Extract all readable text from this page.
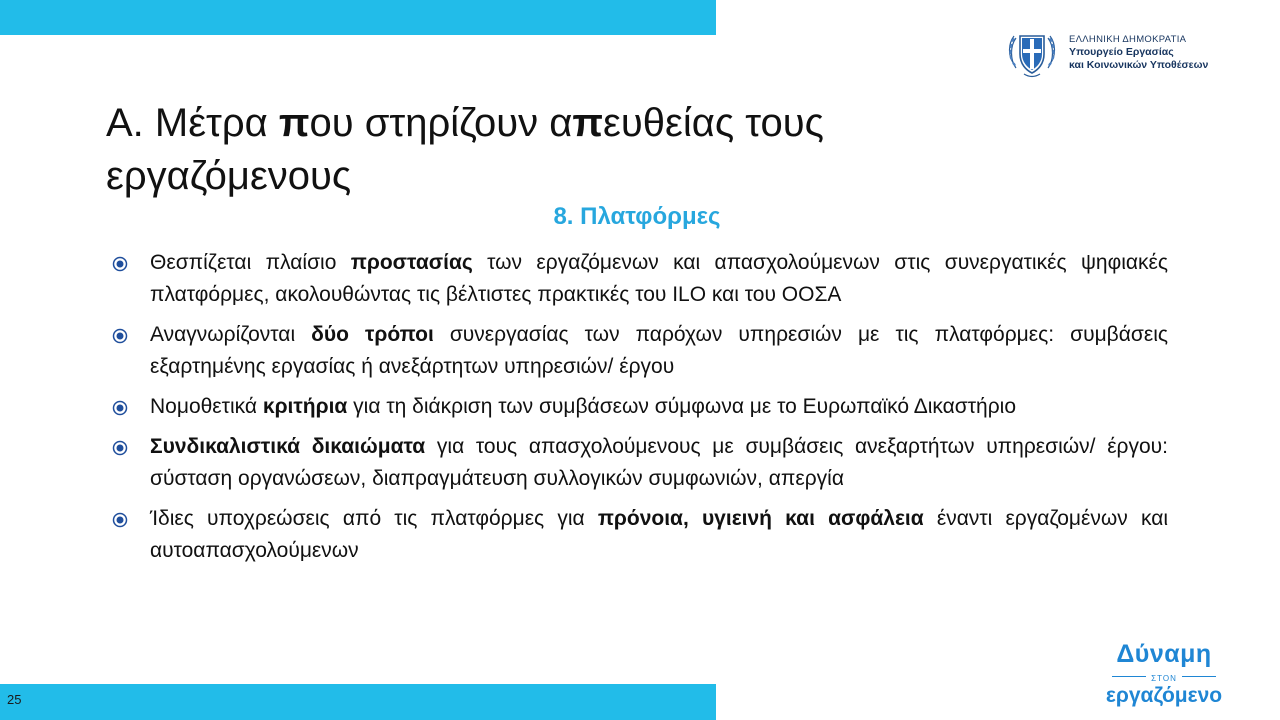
25
ΕΛΛΗΝΙΚΗ ΔΗΜΟΚΡΑΤΙΑ
Υπουργείο Εργασίας
και Κοινωνικών Υποθέσεων
Α. Μέτρα που στηρίζουν απευθείας τους εργαζόμενους
8. Πλατφόρμες
Θεσπίζεται πλαίσιο προστασίας των εργαζόμενων και απασχολούμενων στις συνεργατικές ψηφιακές πλατφόρμες, ακολουθώντας τις βέλτιστες πρακτικές του ILO και του ΟΟΣΑ
Αναγνωρίζονται δύο τρόποι συνεργασίας των παρόχων υπηρεσιών με τις πλατφόρμες: συμβάσεις εξαρτημένης εργασίας ή ανεξάρτητων υπηρεσιών/ έργου
Νομοθετικά κριτήρια για τη διάκριση των συμβάσεων σύμφωνα με το Ευρωπαϊκό Δικαστήριο
Συνδικαλιστικά δικαιώματα για τους απασχολούμενους με συμβάσεις ανεξαρτήτων υπηρεσιών/ έργου: σύσταση οργανώσεων, διαπραγμάτευση συλλογικών συμφωνιών, απεργία
Ίδιες υποχρεώσεις από τις πλατφόρμες για πρόνοια, υγιεινή και ασφάλεια έναντι εργαζομένων και αυτοαπασχολούμενων
Δύναμη
ΣΤΟΝ
εργαζόμενο
